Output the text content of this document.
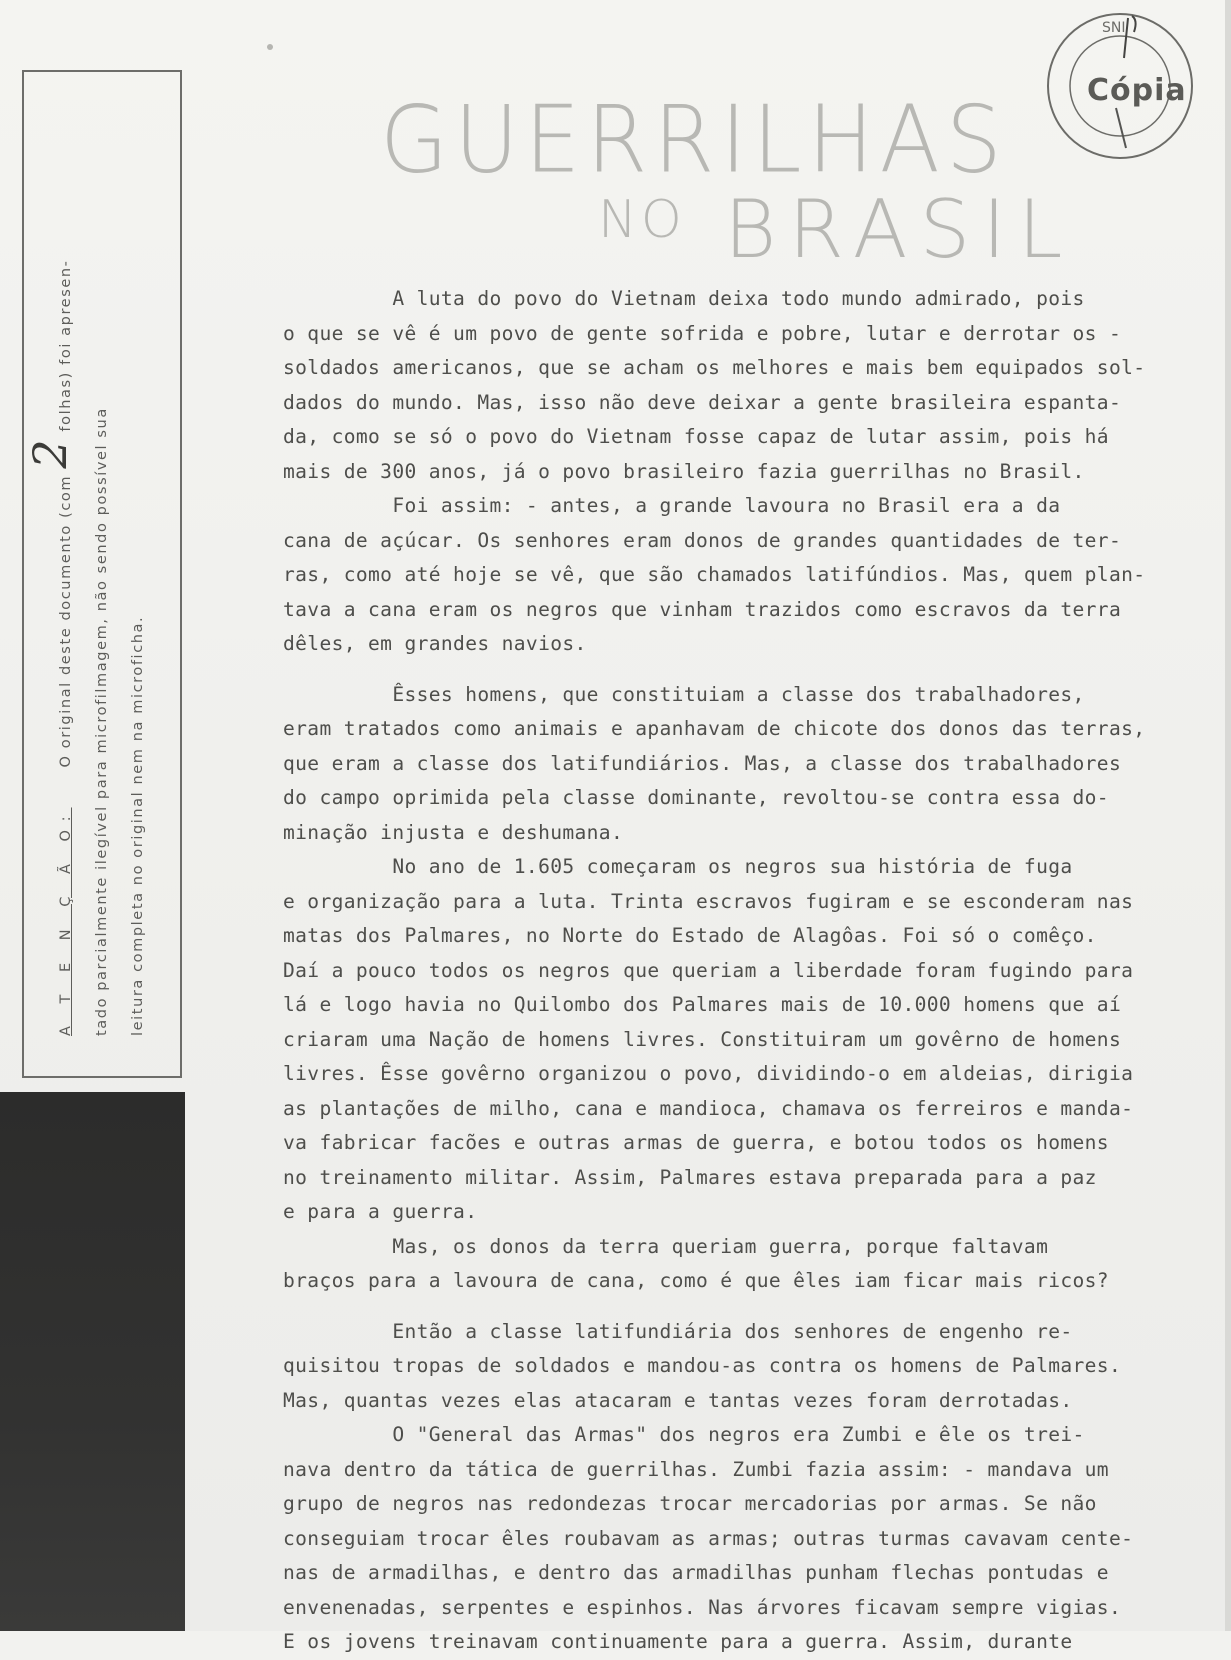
A T E N Ç Ã O:O original deste documento (com 2 folhas) foi apresen-
tado parcialmente ilegível para microfilmagem, não sendo possível sua	leitura completa no original nem na microficha.
SNI
Cópia
GUERRILHAS
NO BRASIL
A luta do povo do Vietnam deixa todo mundo admirado, pois
o que se vê é um povo de gente sofrida e pobre, lutar e derrotar os -
soldados americanos, que se acham os melhores e mais bem equipados sol-
dados do mundo. Mas, isso não deve deixar a gente brasileira espanta-
da, como se só o povo do Vietnam fosse capaz de lutar assim, pois há
mais de 300 anos, já o povo brasileiro fazia guerrilhas no Brasil.
Foi assim: - antes, a grande lavoura no Brasil era a da
cana de açúcar. Os senhores eram donos de grandes quantidades de ter-
ras, como até hoje se vê, que são chamados latifúndios. Mas, quem plan-
tava a cana eram os negros que vinham trazidos como escravos da terra
dêles, em grandes navios.
Êsses homens, que constituiam a classe dos trabalhadores,
eram tratados como animais e apanhavam de chicote dos donos das terras,
que eram a classe dos latifundiários. Mas, a classe dos trabalhadores
do campo oprimida pela classe dominante, revoltou-se contra essa do-
minação injusta e deshumana.
No ano de 1.605 começaram os negros sua história de fuga
e organização para a luta. Trinta escravos fugiram e se esconderam nas
matas dos Palmares, no Norte do Estado de Alagôas. Foi só o comêço.
Daí a pouco todos os negros que queriam a liberdade foram fugindo para
lá e logo havia no Quilombo dos Palmares mais de 10.000 homens que aí
criaram uma Nação de homens livres. Constituiram um govêrno de homens
livres. Êsse govêrno organizou o povo, dividindo-o em aldeias, dirigia
as plantações de milho, cana e mandioca, chamava os ferreiros e manda-
va fabricar facões e outras armas de guerra, e botou todos os homens
no treinamento militar. Assim, Palmares estava preparada para a paz
e para a guerra.
Mas, os donos da terra queriam guerra, porque faltavam
braços para a lavoura de cana, como é que êles iam ficar mais ricos?
Então a classe latifundiária dos senhores de engenho re-
quisitou tropas de soldados e mandou-as contra os homens de Palmares.
Mas, quantas vezes elas atacaram e tantas vezes foram derrotadas.
O "General das Armas" dos negros era Zumbi e êle os trei-
nava dentro da tática de guerrilhas. Zumbi fazia assim: - mandava um
grupo de negros nas redondezas trocar mercadorias por armas. Se não
conseguiam trocar êles roubavam as armas; outras turmas cavavam cente-
nas de armadilhas, e dentro das armadilhas punham flechas pontudas e
envenenadas, serpentes e espinhos. Nas árvores ficavam sempre vigias.
E os jovens treinavam continuamente para a guerra. Assim, durante
